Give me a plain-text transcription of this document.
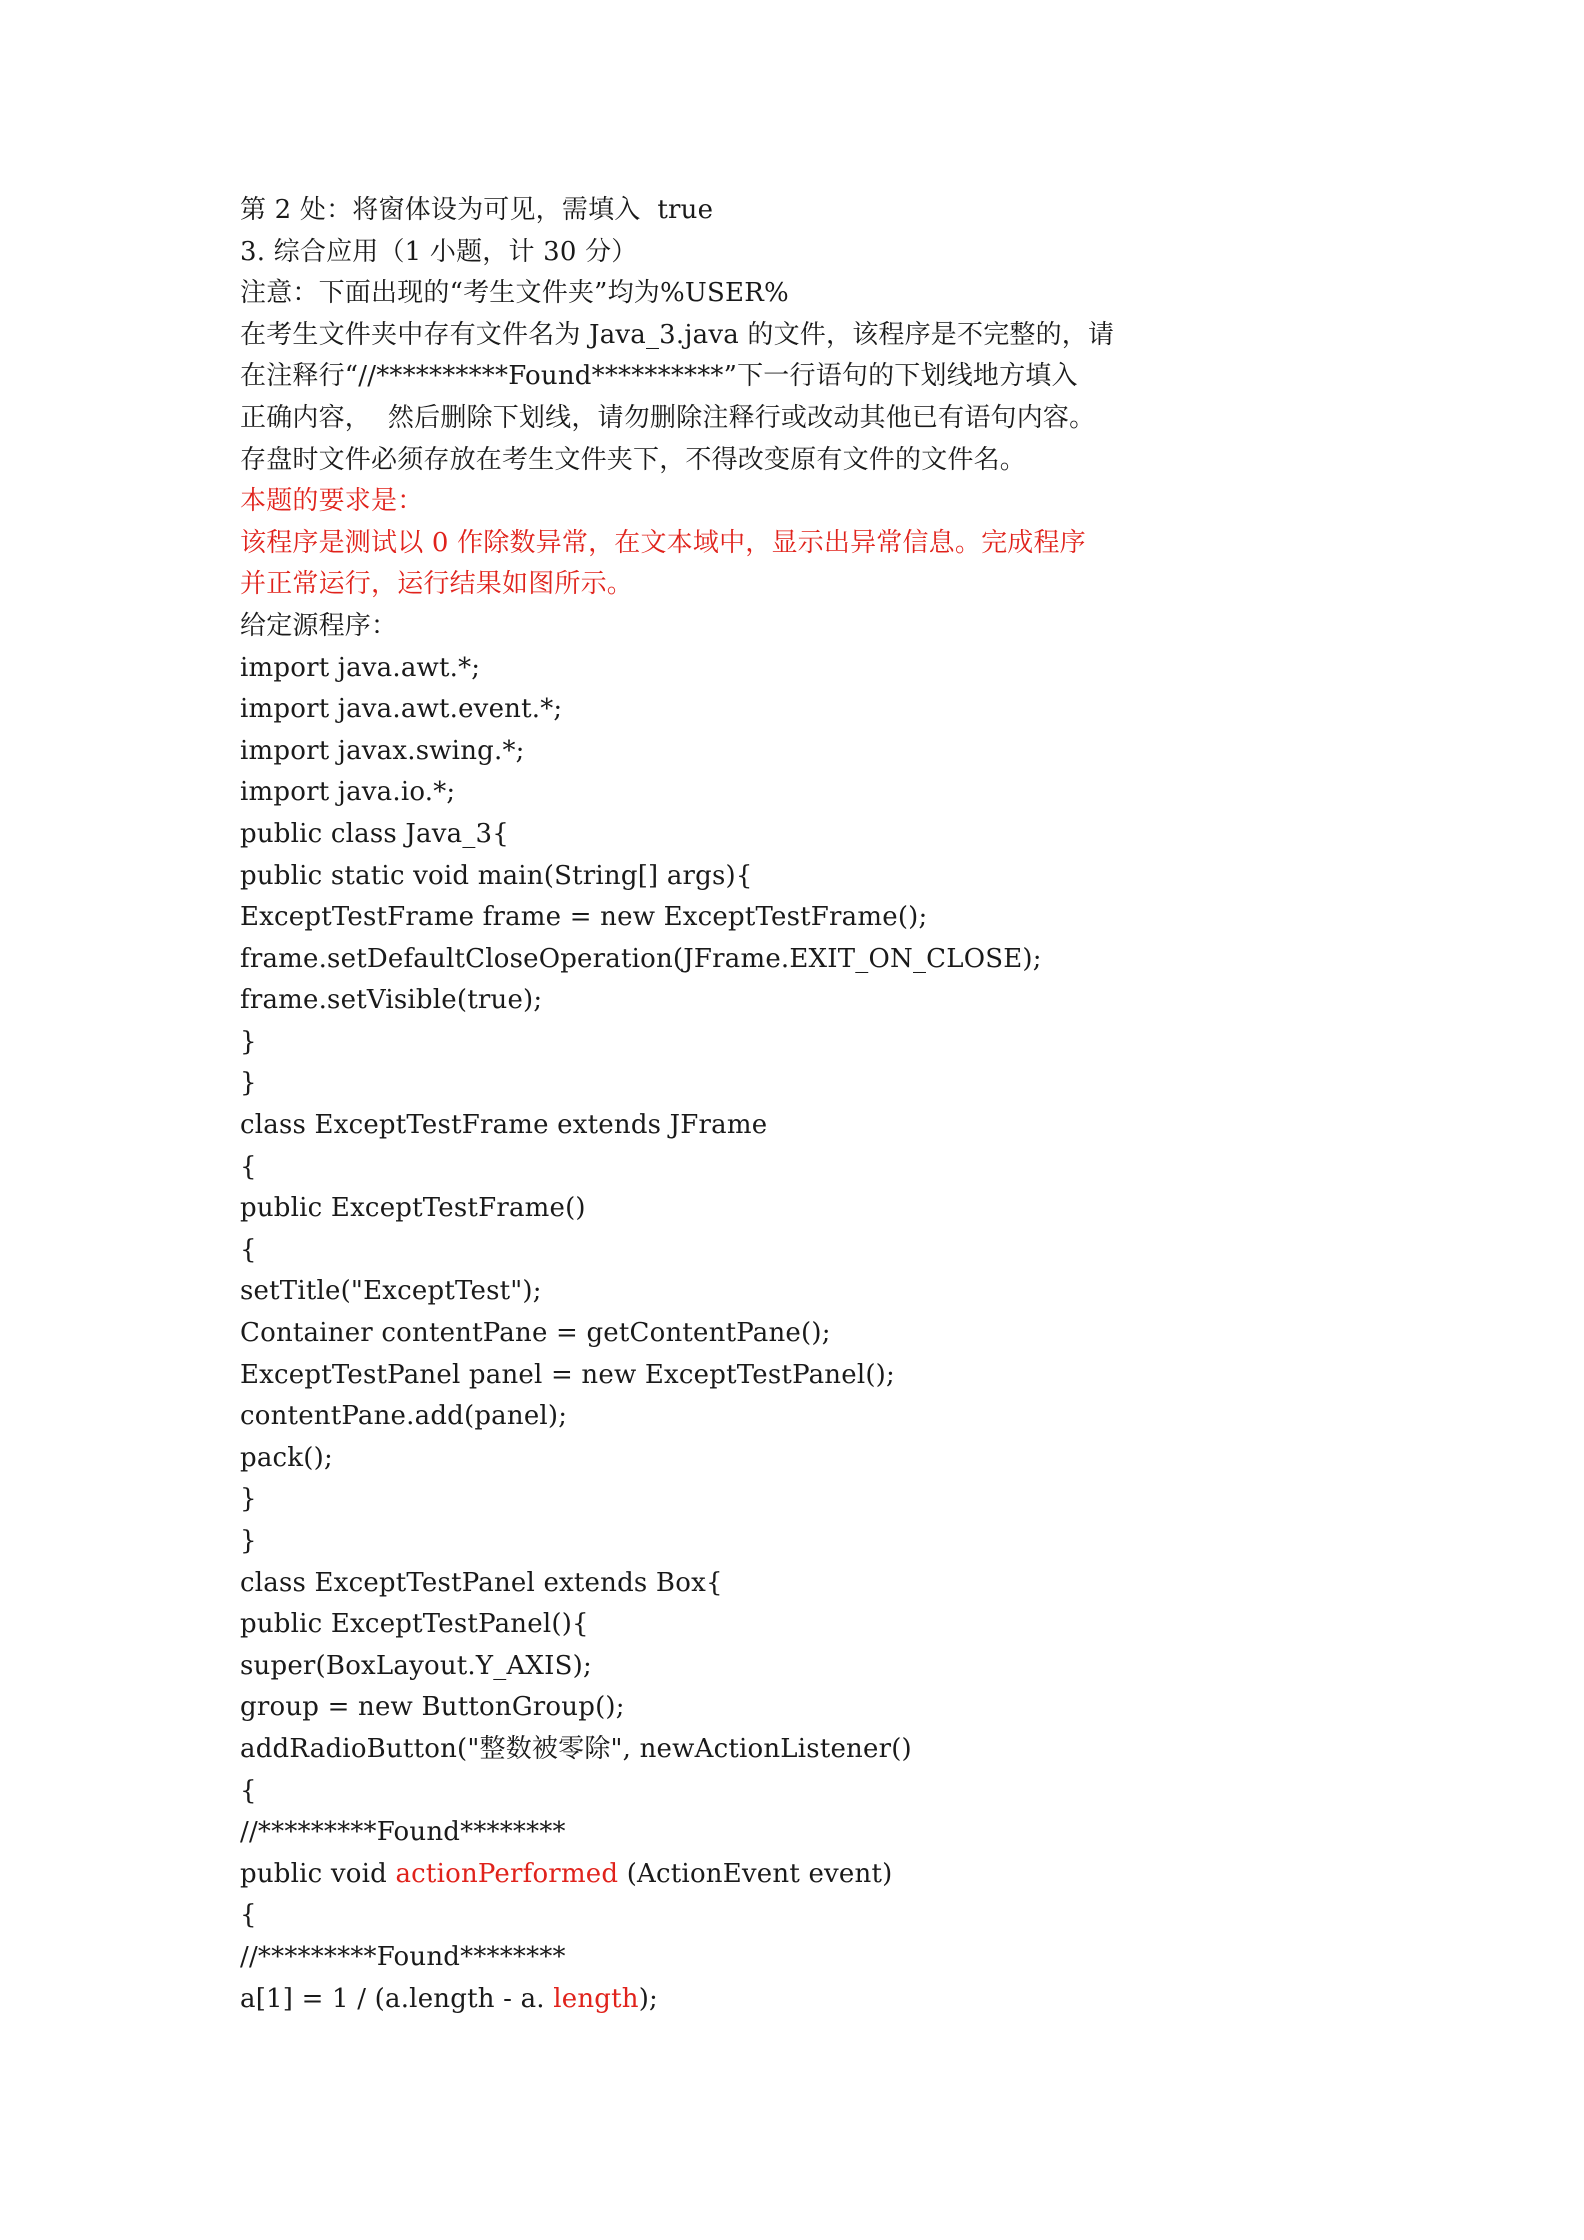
第 2 处：将窗体设为可见，需填入  true
3. 综合应用（1 小题，计 30 分）
注意：下面出现的“考生文件夹”均为%USER%
在考生文件夹中存有文件名为 Java_3.java 的文件，该程序是不完整的，请
在注释行“//**********Found**********”下一行语句的下划线地方填入
正确内容，  然后删除下划线，请勿删除注释行或改动其他已有语句内容。
存盘时文件必须存放在考生文件夹下，不得改变原有文件的文件名。
本题的要求是：
该程序是测试以 0 作除数异常，在文本域中，显示出异常信息。完成程序
并正常运行，运行结果如图所示。
给定源程序：
import java.awt.*;
import java.awt.event.*;
import javax.swing.*;
import java.io.*;
public class Java_3{
public static void main(String[] args){
ExceptTestFrame frame = new ExceptTestFrame();
frame.setDefaultCloseOperation(JFrame.EXIT_ON_CLOSE);
frame.setVisible(true);
}
}
class ExceptTestFrame extends JFrame
{
public ExceptTestFrame()
{
setTitle("ExceptTest");
Container contentPane = getContentPane();
ExceptTestPanel panel = new ExceptTestPanel();
contentPane.add(panel);
pack();
}
}
class ExceptTestPanel extends Box{
public ExceptTestPanel(){
super(BoxLayout.Y_AXIS);
group = new ButtonGroup();
addRadioButton("整数被零除", newActionListener()
{
//*********Found********
public void actionPerformed (ActionEvent event)
{
//*********Found********
a[1] = 1 / (a.length - a. length);
